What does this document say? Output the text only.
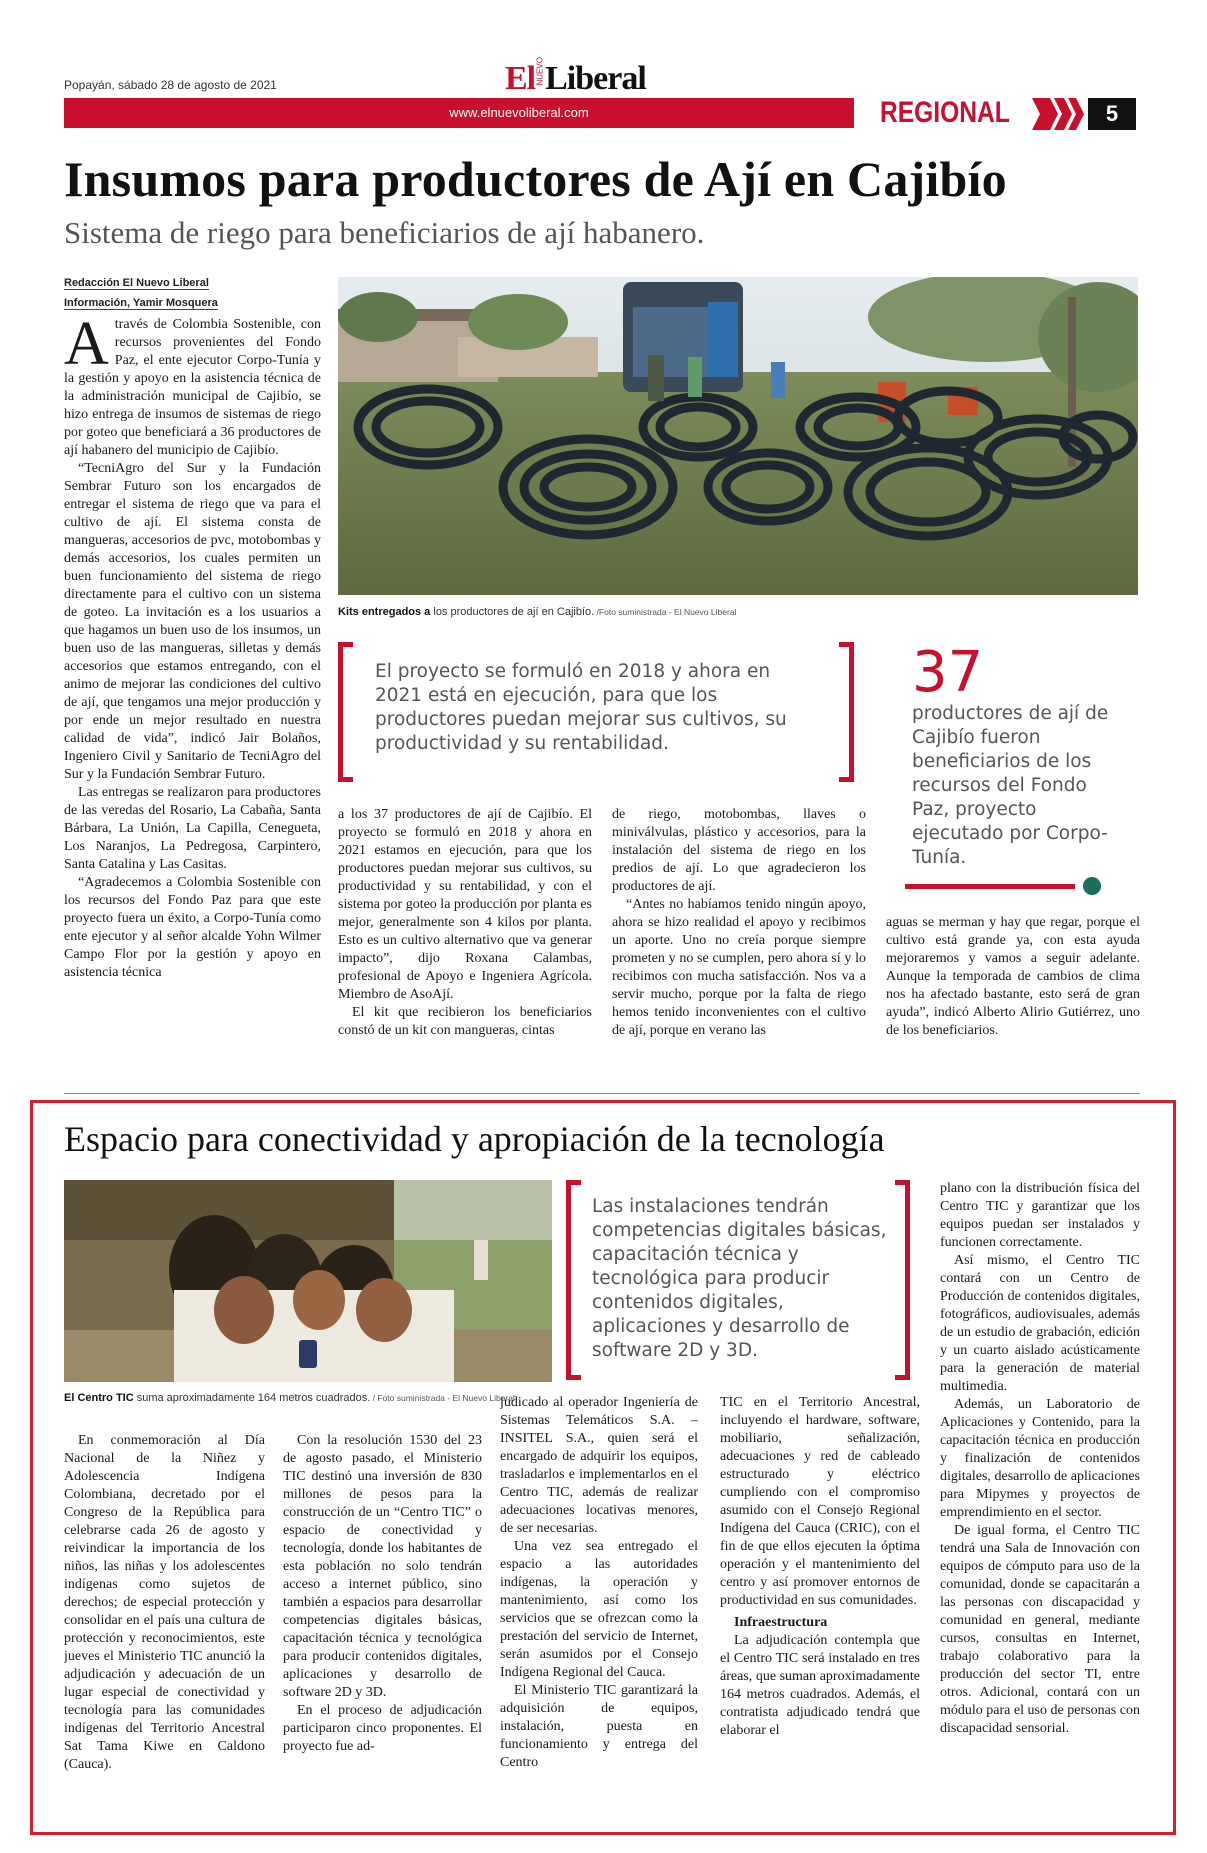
Popayán, sábado 28 de agosto de 2021	ElNUEVOLiberal
www.elnuevoliberal.com	REGIONAL	5
Insumos para productores de Ají en Cajibío
Sistema de riego para beneficiarios de ají habanero.
Redacción El Nuevo Liberal
Información, Yamir Mosquera
A través de Colombia Sostenible, con recursos provenientes del Fondo Paz, el ente ejecutor Corpo-Tunía y la gestión y apoyo en la asistencia técnica de la administración municipal de Cajibío, se hizo entrega de insumos de sistemas de riego por goteo que beneficiará a 36 productores de ají habanero del municipio de Cajibío.

“TecniAgro del Sur y la Fundación Sembrar Futuro son los encargados de entregar el sistema de riego que va para el cultivo de ají. El sistema consta de mangueras, accesorios de pvc, motobombas y demás accesorios, los cuales permiten un buen funcionamiento del sistema de riego directamente para el cultivo con un sistema de goteo. La invitación es a los usuarios a que hagamos un buen uso de los insumos, un buen uso de las mangueras, silletas y demás accesorios que estamos entregando, con el animo de mejorar las condiciones del cultivo de ají, que tengamos una mejor producción y por ende un mejor resultado en nuestra calidad de vida”, indicó Jair Bolaños, Ingeniero Civil y Sanitario de TecniAgro del Sur y la Fundación Sembrar Futuro.

Las entregas se realizaron para productores de las veredas del Rosario, La Cabaña, Santa Bárbara, La Unión, La Capilla, Cenegueta, Los Naranjos, La Pedregosa, Carpintero, Santa Catalina y Las Casitas.

“Agradecemos a Colombia Sostenible con los recursos del Fondo Paz para que este proyecto fuera un éxito, a Corpo-Tunía como ente ejecutor y al señor alcalde Yohn Wilmer Campo Flor por la gestión y apoyo en asistencia técnica

Kits entregados a los productores de ají en Cajibío. /Foto suministrada - El Nuevo Liberal
El proyecto se formuló en 2018 y ahora en 2021 está en ejecución, para que los productores puedan mejorar sus cultivos, su productividad y su rentabilidad.
37
productores de ají de Cajibío fueron beneficiarios de los recursos del Fondo Paz, proyecto ejecutado por Corpo-Tunía.

a los 37 productores de ají de Cajibío. El proyecto se formuló en 2018 y ahora en 2021 estamos en ejecución, para que los productores puedan mejorar sus cultivos, su productividad y su rentabilidad, y con el sistema por goteo la producción por planta es mejor, generalmente son 4 kilos por planta. Esto es un cultivo alternativo que va generar impacto”, dijo Roxana Calambas, profesional de Apoyo e Ingeniera Agrícola. Miembro de AsoAjí.

El kit que recibieron los beneficiarios constó de un kit con mangueras, cintas

de riego, motobombas, llaves o miniválvulas, plástico y accesorios, para la instalación del sistema de riego en los predios de ají. Lo que agradecieron los productores de ají.

“Antes no habíamos tenido ningún apoyo, ahora se hizo realidad el apoyo y recibimos un aporte. Uno no creía porque siempre prometen y no se cumplen, pero ahora sí y lo recibimos con mucha satisfacción. Nos va a servir mucho, porque por la falta de riego hemos tenido inconvenientes con el cultivo de ají, porque en verano las

aguas se merman y hay que regar, porque el cultivo está grande ya, con esta ayuda mejoraremos y vamos a seguir adelante. Aunque la temporada de cambios de clima nos ha afectado bastante, esto será de gran ayuda”, indicó Alberto Alirio Gutiérrez, uno de los beneficiarios.

Espacio para conectividad y apropiación de la tecnología
El Centro TIC suma aproximadamente 164 metros cuadrados. / Foto suministrada - El Nuevo Liberal
Las instalaciones tendrán competencias digitales básicas, capacitación técnica y tecnológica para producir contenidos digitales, aplicaciones y desarrollo de software 2D y 3D.

En conmemoración al Día Nacional de la Niñez y Adolescencia Indígena Colombiana, decretado por el Congreso de la República para celebrarse cada 26 de agosto y reivindicar la importancia de los niños, las niñas y los adolescentes indígenas como sujetos de derechos; de especial protección y consolidar en el país una cultura de protección y reconocimientos, este jueves el Ministerio TIC anunció la adjudicación y adecuación de un lugar especial de conectividad y tecnología para las comunidades indígenas del Territorio Ancestral Sat Tama Kiwe en Caldono (Cauca).

Con la resolución 1530 del 23 de agosto pasado, el Ministerio TIC destinó una inversión de 830 millones de pesos para la construcción de un “Centro TIC” o espacio de conectividad y tecnología, donde los habitantes de esta población no solo tendrán acceso a internet público, sino también a espacios para desarrollar competencias digitales básicas, capacitación técnica y tecnológica para producir contenidos digitales, aplicaciones y desarrollo de software 2D y 3D.

En el proceso de adjudicación participaron cinco proponentes. El proyecto fue ad-

judicado al operador Ingeniería de Sistemas Telemáticos S.A. – INSITEL S.A., quien será el encargado de adquirir los equipos, trasladarlos e implementarlos en el Centro TIC, además de realizar adecuaciones locativas menores, de ser necesarias.

Una vez sea entregado el espacio a las autoridades indígenas, la operación y mantenimiento, así como los servicios que se ofrezcan como la prestación del servicio de Internet, serán asumidos por el Consejo Indígena Regional del Cauca.

El Ministerio TIC garantizará la adquisición de equipos, instalación, puesta en funcionamiento y entrega del Centro

TIC en el Territorio Ancestral, incluyendo el hardware, software, mobiliario, señalización, adecuaciones y red de cableado estructurado y eléctrico cumpliendo con el compromiso asumido con el Consejo Regional Indígena del Cauca (CRIC), con el fin de que ellos ejecuten la óptima operación y el mantenimiento del centro y así promover entornos de productividad en sus comunidades.

Infraestructura

La adjudicación contempla que el Centro TIC será instalado en tres áreas, que suman aproximadamente 164 metros cuadrados. Además, el contratista adjudicado tendrá que elaborar el

plano con la distribución física del Centro TIC y garantizar que los equipos puedan ser instalados y funcionen correctamente.

Así mismo, el Centro TIC contará con un Centro de Producción de contenidos digitales, fotográficos, audiovisuales, además de un estudio de grabación, edición y un cuarto aislado acústicamente para la generación de material multimedia.

Además, un Laboratorio de Aplicaciones y Contenido, para la capacitación técnica en producción y finalización de contenidos digitales, desarrollo de aplicaciones para Mipymes y proyectos de emprendimiento en el sector.

De igual forma, el Centro TIC tendrá una Sala de Innovación con equipos de cómputo para uso de la comunidad, donde se capacitarán a las personas con discapacidad y comunidad en general, mediante cursos, consultas en Internet, trabajo colaborativo para la producción del sector TI, entre otros. Adicional, contará con un módulo para el uso de personas con discapacidad sensorial.
